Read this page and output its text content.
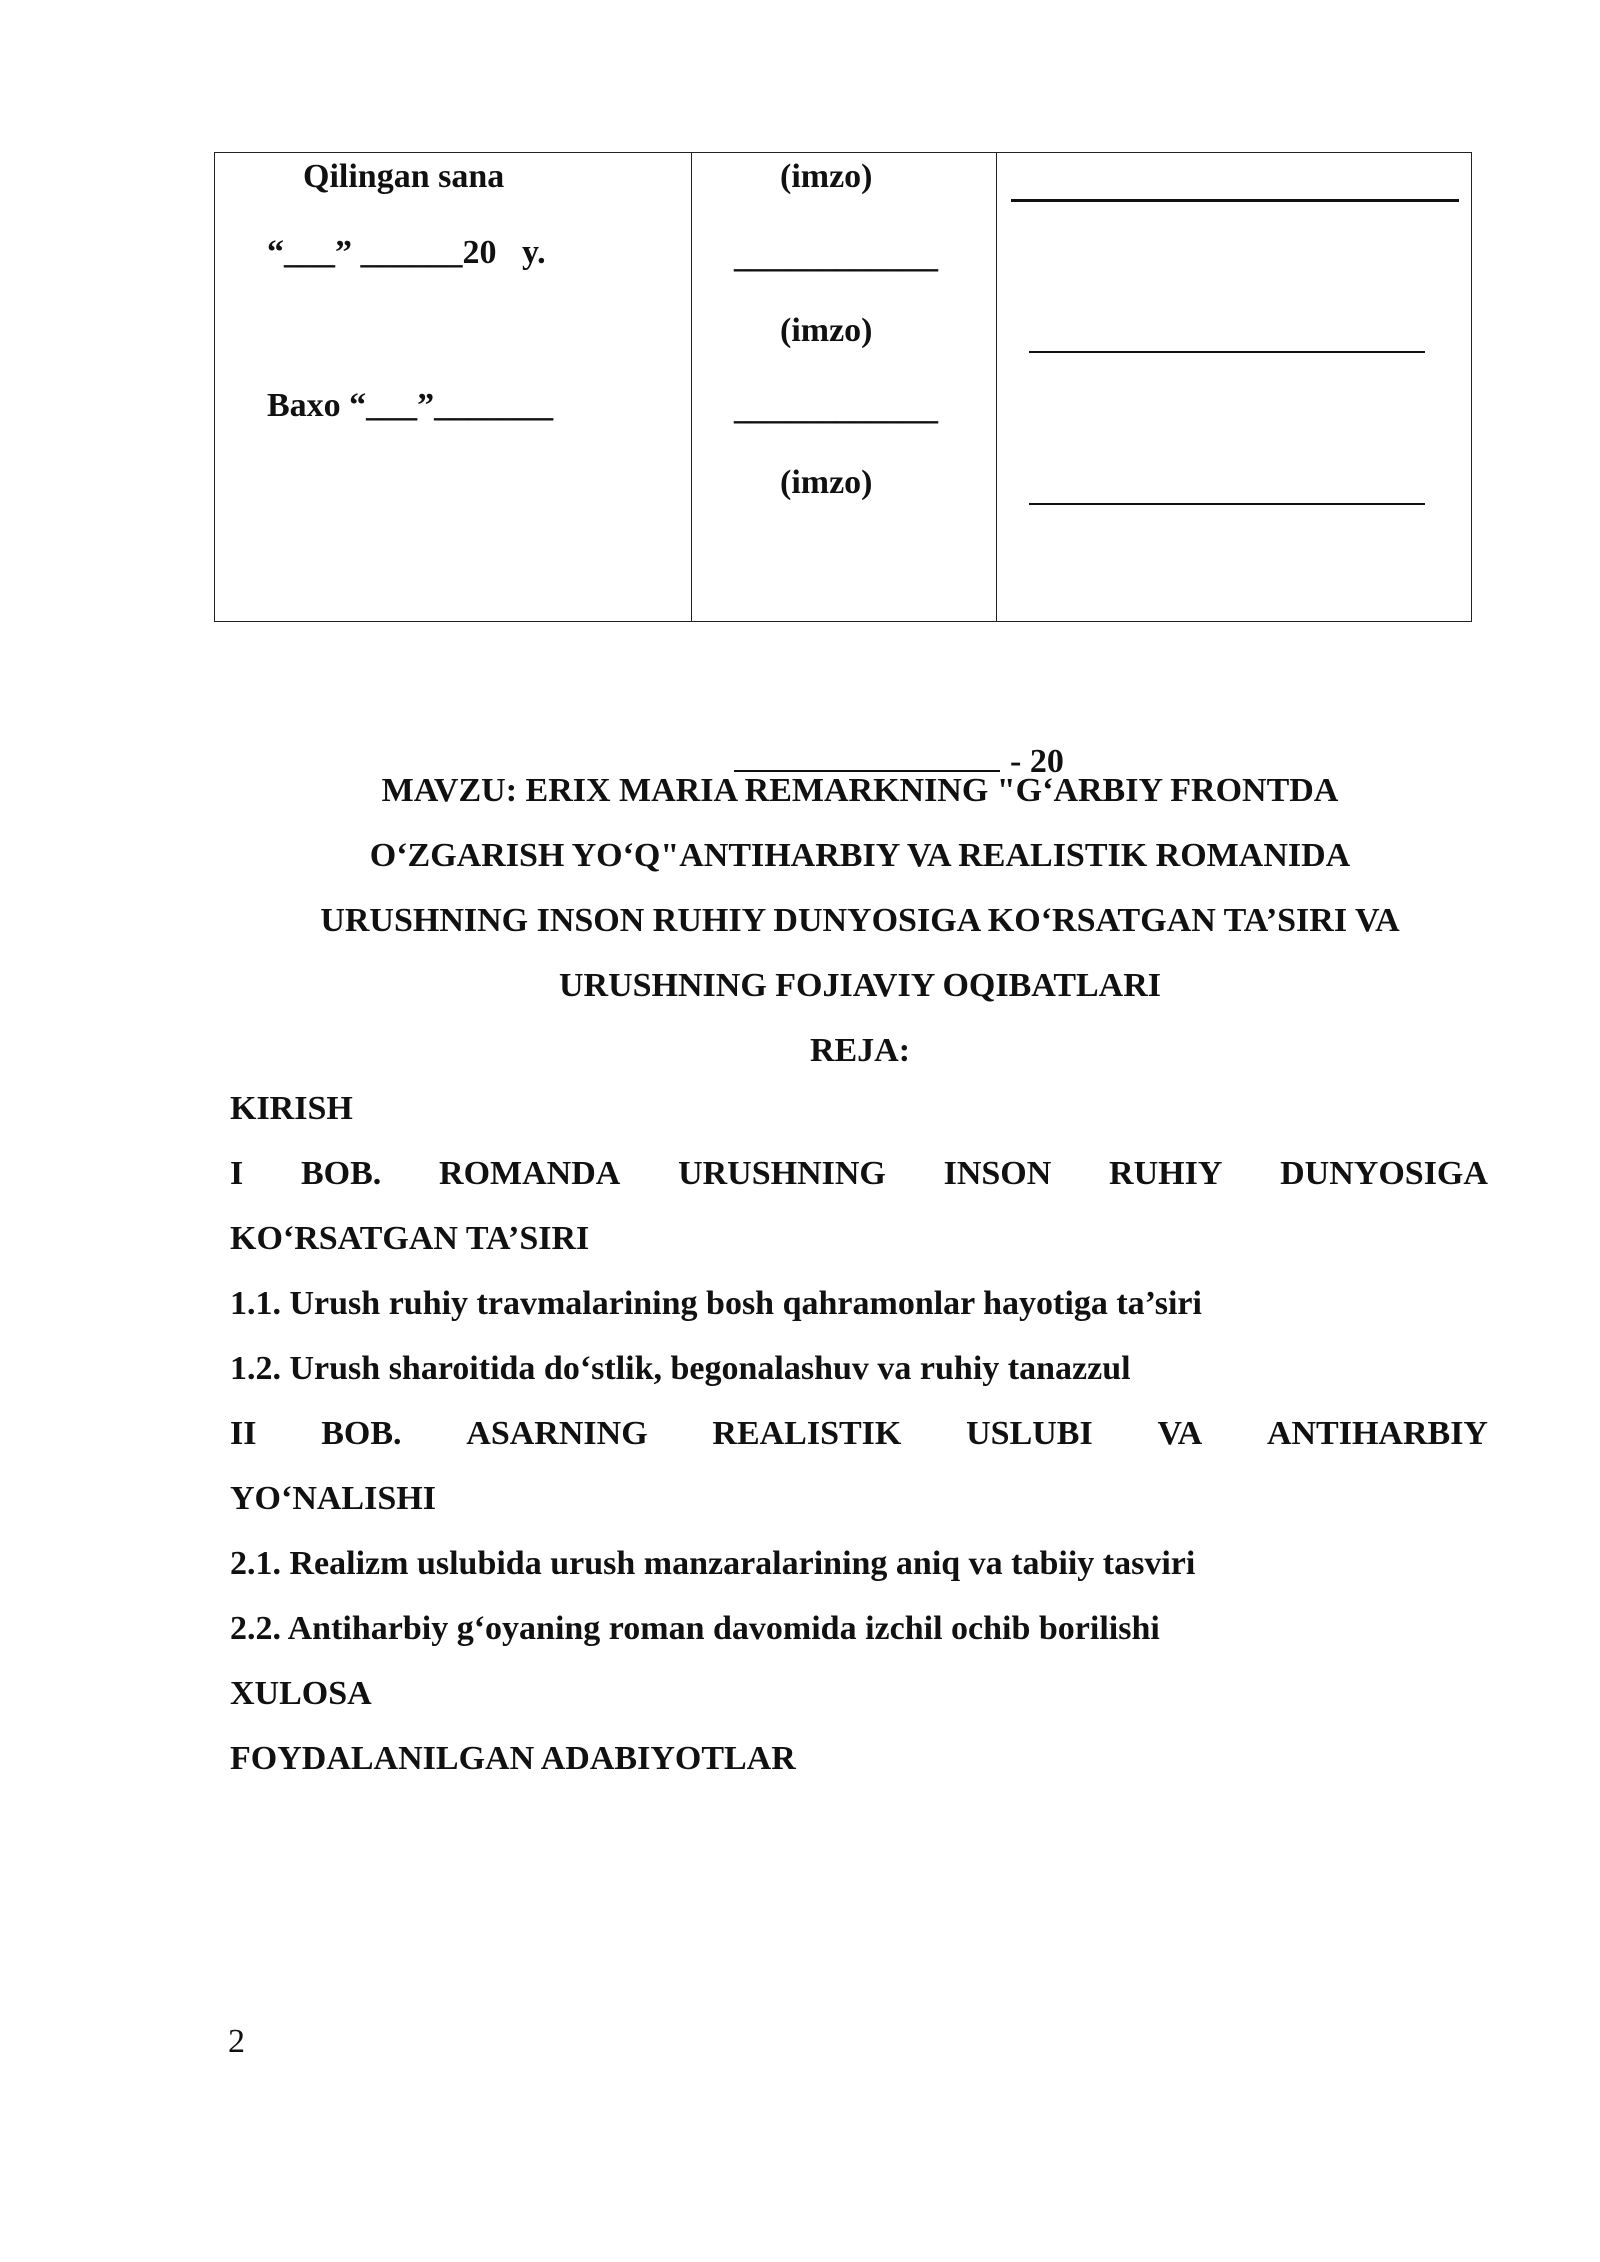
Qilingan sana
“___” ______20   y.
Baxo “___”_______
(imzo)
____________
(imzo)
____________
(imzo)

- 20

MAVZU: ERIX MARIA REMARKNING "G‘ARBIY FRONTDA
O‘ZGARISH YO‘Q"ANTIHARBIY VA REALISTIK ROMANIDA
URUSHNING INSON RUHIY DUNYOSIGA KO‘RSATGAN TA’SIRI VA
URUSHNING FOJIAVIY OQIBATLARI
REJA:
KIRISH
I BOB. ROMANDA URUSHNING INSON RUHIY DUNYOSIGA
KO‘RSATGAN TA’SIRI
1.1. Urush ruhiy travmalarining bosh qahramonlar hayotiga ta’siri
1.2. Urush sharoitida do‘stlik, begonalashuv va ruhiy tanazzul
II BOB. ASARNING REALISTIK USLUBI VA ANTIHARBIY
YO‘NALISHI
2.1. Realizm uslubida urush manzaralarining aniq va tabiiy tasviri
2.2. Antiharbiy g‘oyaning roman davomida izchil ochib borilishi
XULOSA
FOYDALANILGAN ADABIYOTLAR
2
